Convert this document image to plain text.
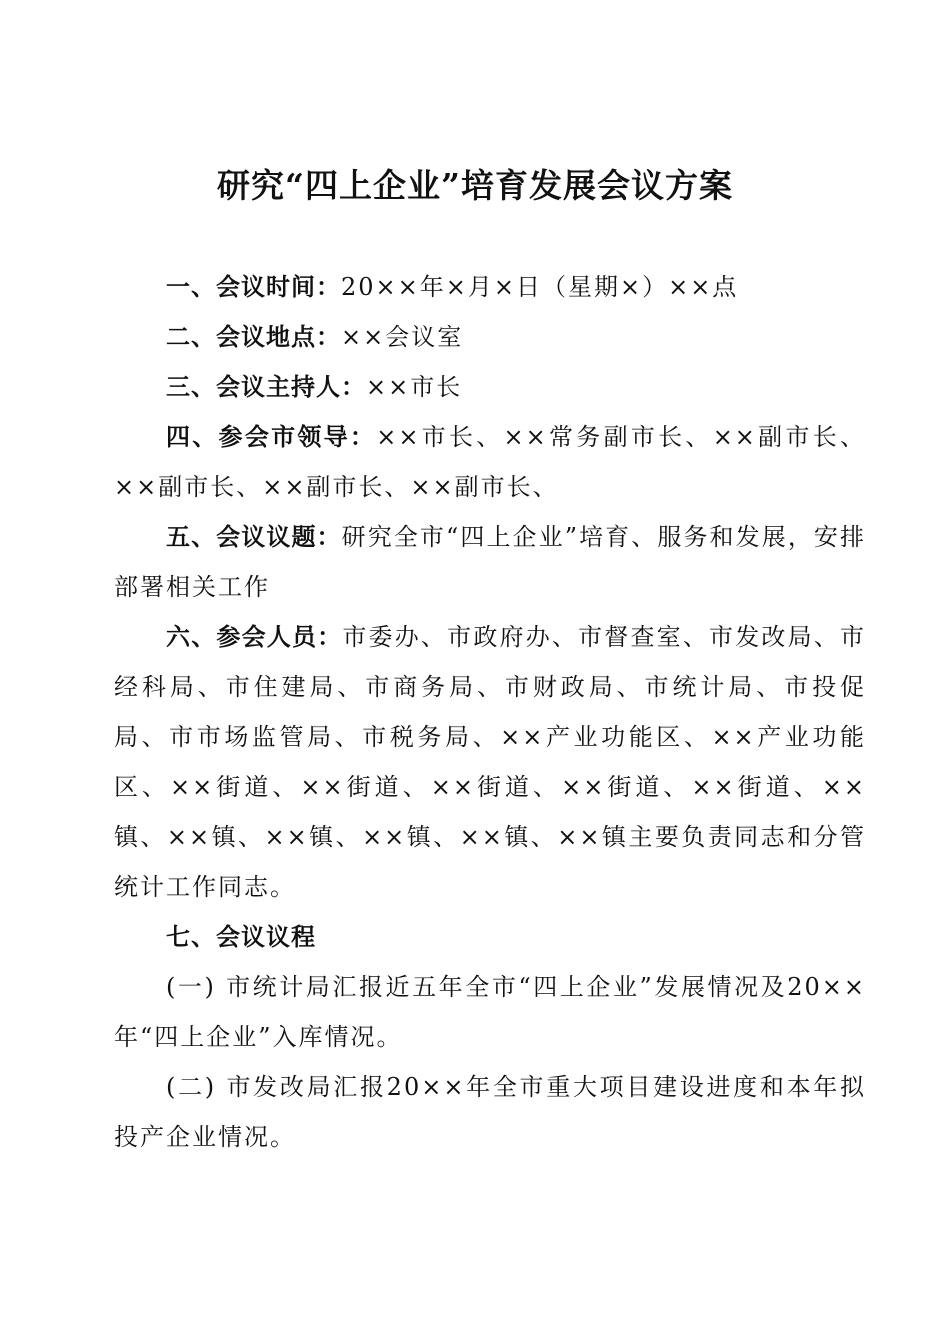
研究“四上企业”培育发展会议方案

一、会议时间：20××年×月×日（星期×）××点

二、会议地点：××会议室

三、会议主持人：××市长

四、参会市领导：××市长、××常务副市长、××副市长、××副市长、××副市长、××副市长、

五、会议议题：研究全市“四上企业”培育、服务和发展，安排部署相关工作

六、参会人员：市委办、市政府办、市督查室、市发改局、市经科局、市住建局、市商务局、市财政局、市统计局、市投促局、市市场监管局、市税务局、××产业功能区、××产业功能区、××街道、××街道、××街道、××街道、××街道、××镇、××镇、××镇、××镇、××镇、××镇主要负责同志和分管统计工作同志。

七、会议议程

(一) 市统计局汇报近五年全市“四上企业”发展情况及20××年“四上企业”入库情况。

(二) 市发改局汇报20××年全市重大项目建设进度和本年拟投产企业情况。
